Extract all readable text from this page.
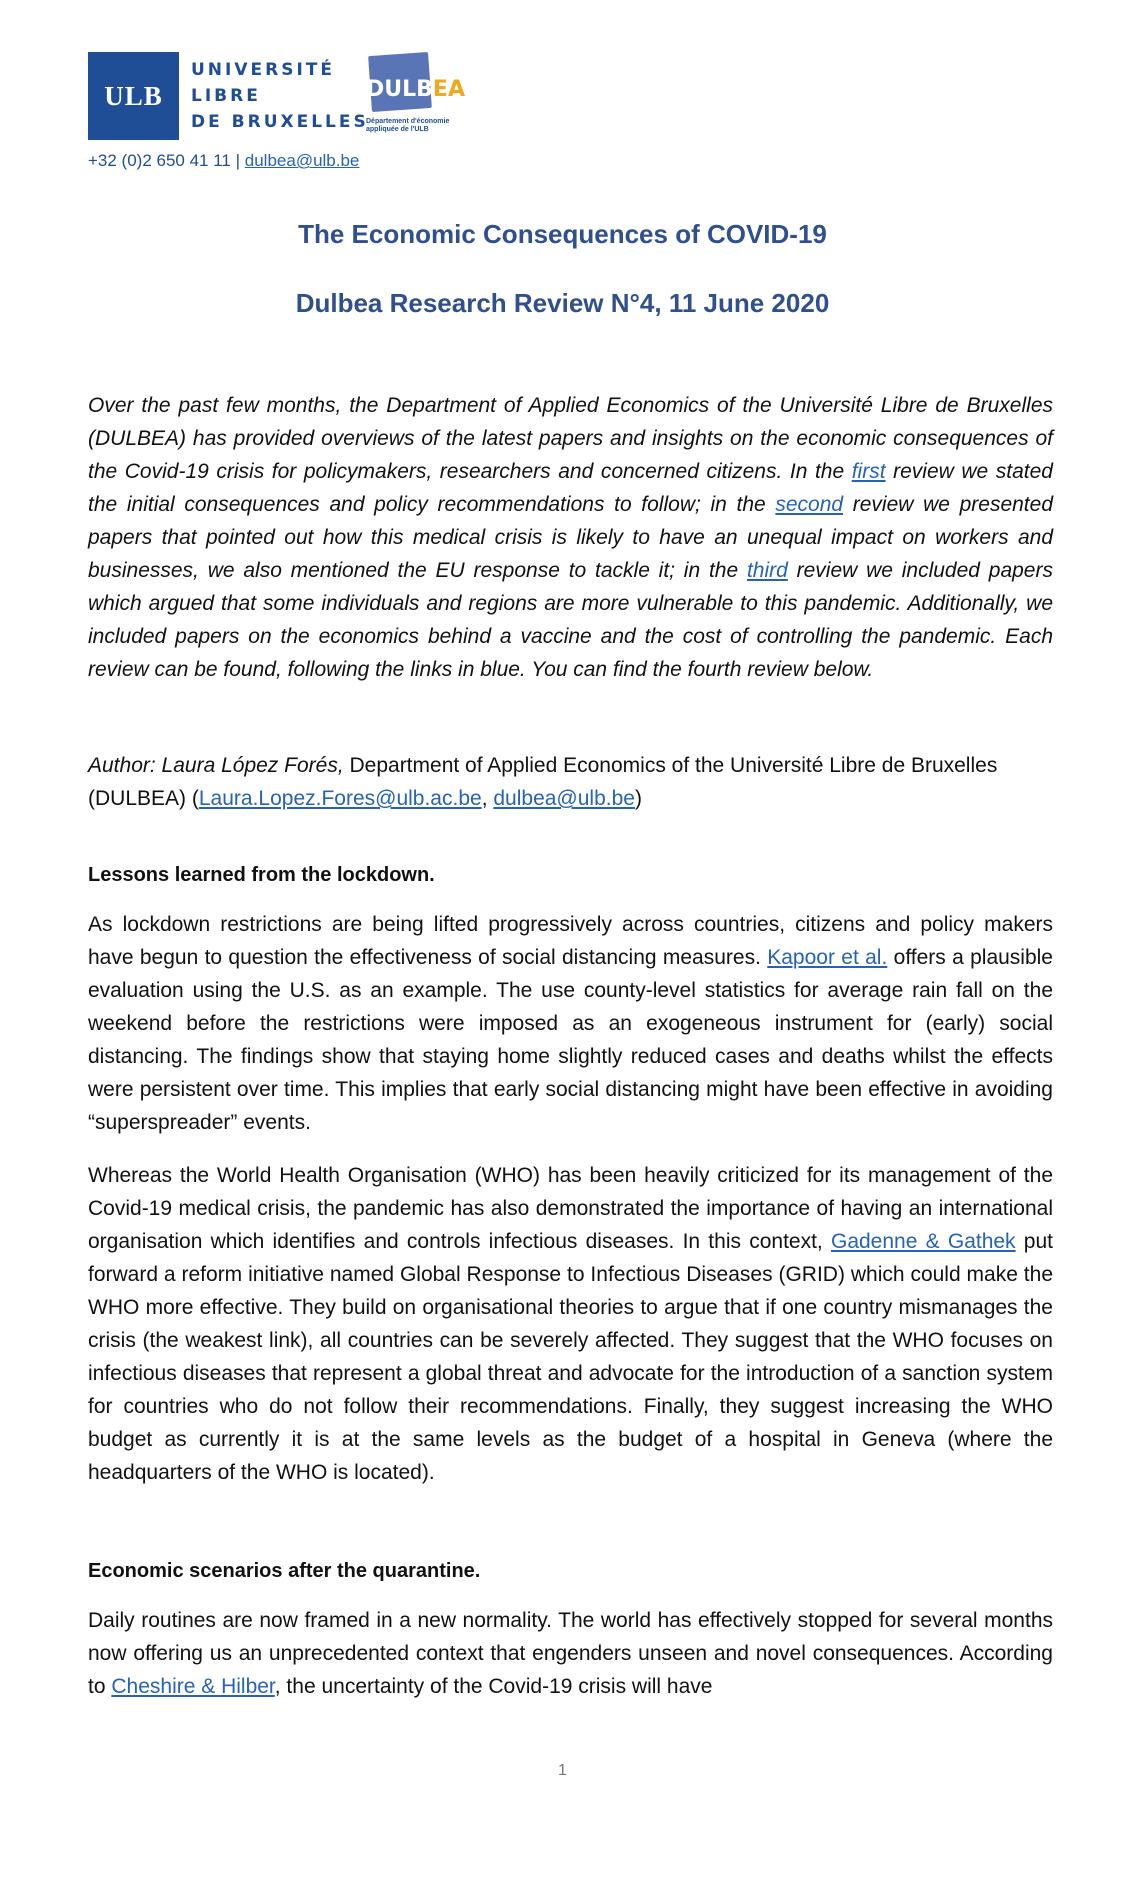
ULB
UNIVERSITÉ
LIBRE
DE BRUXELLES
DULBEA
Département d'économie appliquée de l'ULB
+32 (0)2 650 41 11 | dulbea@ulb.be
The Economic Consequences of COVID-19
Dulbea Research Review N°4, 11 June 2020
Over the past few months, the Department of Applied Economics of the Université Libre de Bruxelles (DULBEA) has provided overviews of the latest papers and insights on the economic consequences of the Covid-19 crisis for policymakers, researchers and concerned citizens. In the first review we stated the initial consequences and policy recommendations to follow; in the second review we presented papers that pointed out how this medical crisis is likely to have an unequal impact on workers and businesses, we also mentioned the EU response to tackle it; in the third review we included papers which argued that some individuals and regions are more vulnerable to this pandemic. Additionally, we included papers on the economics behind a vaccine and the cost of controlling the pandemic. Each review can be found, following the links in blue. You can find the fourth review below.
Author: Laura López Forés, Department of Applied Economics of the Université Libre de Bruxelles (DULBEA) (Laura.Lopez.Fores@ulb.ac.be, dulbea@ulb.be)
Lessons learned from the lockdown.
As lockdown restrictions are being lifted progressively across countries, citizens and policy makers have begun to question the effectiveness of social distancing measures. Kapoor et al. offers a plausible evaluation using the U.S. as an example. The use county-level statistics for average rain fall on the weekend before the restrictions were imposed as an exogeneous instrument for (early) social distancing. The findings show that staying home slightly reduced cases and deaths whilst the effects were persistent over time. This implies that early social distancing might have been effective in avoiding “superspreader” events.
Whereas the World Health Organisation (WHO) has been heavily criticized for its management of the Covid-19 medical crisis, the pandemic has also demonstrated the importance of having an international organisation which identifies and controls infectious diseases. In this context, Gadenne & Gathek put forward a reform initiative named Global Response to Infectious Diseases (GRID) which could make the WHO more effective. They build on organisational theories to argue that if one country mismanages the crisis (the weakest link), all countries can be severely affected. They suggest that the WHO focuses on infectious diseases that represent a global threat and advocate for the introduction of a sanction system for countries who do not follow their recommendations. Finally, they suggest increasing the WHO budget as currently it is at the same levels as the budget of a hospital in Geneva (where the headquarters of the WHO is located).
Economic scenarios after the quarantine.
Daily routines are now framed in a new normality. The world has effectively stopped for several months now offering us an unprecedented context that engenders unseen and novel consequences. According to Cheshire & Hilber, the uncertainty of the Covid-19 crisis will have
1
